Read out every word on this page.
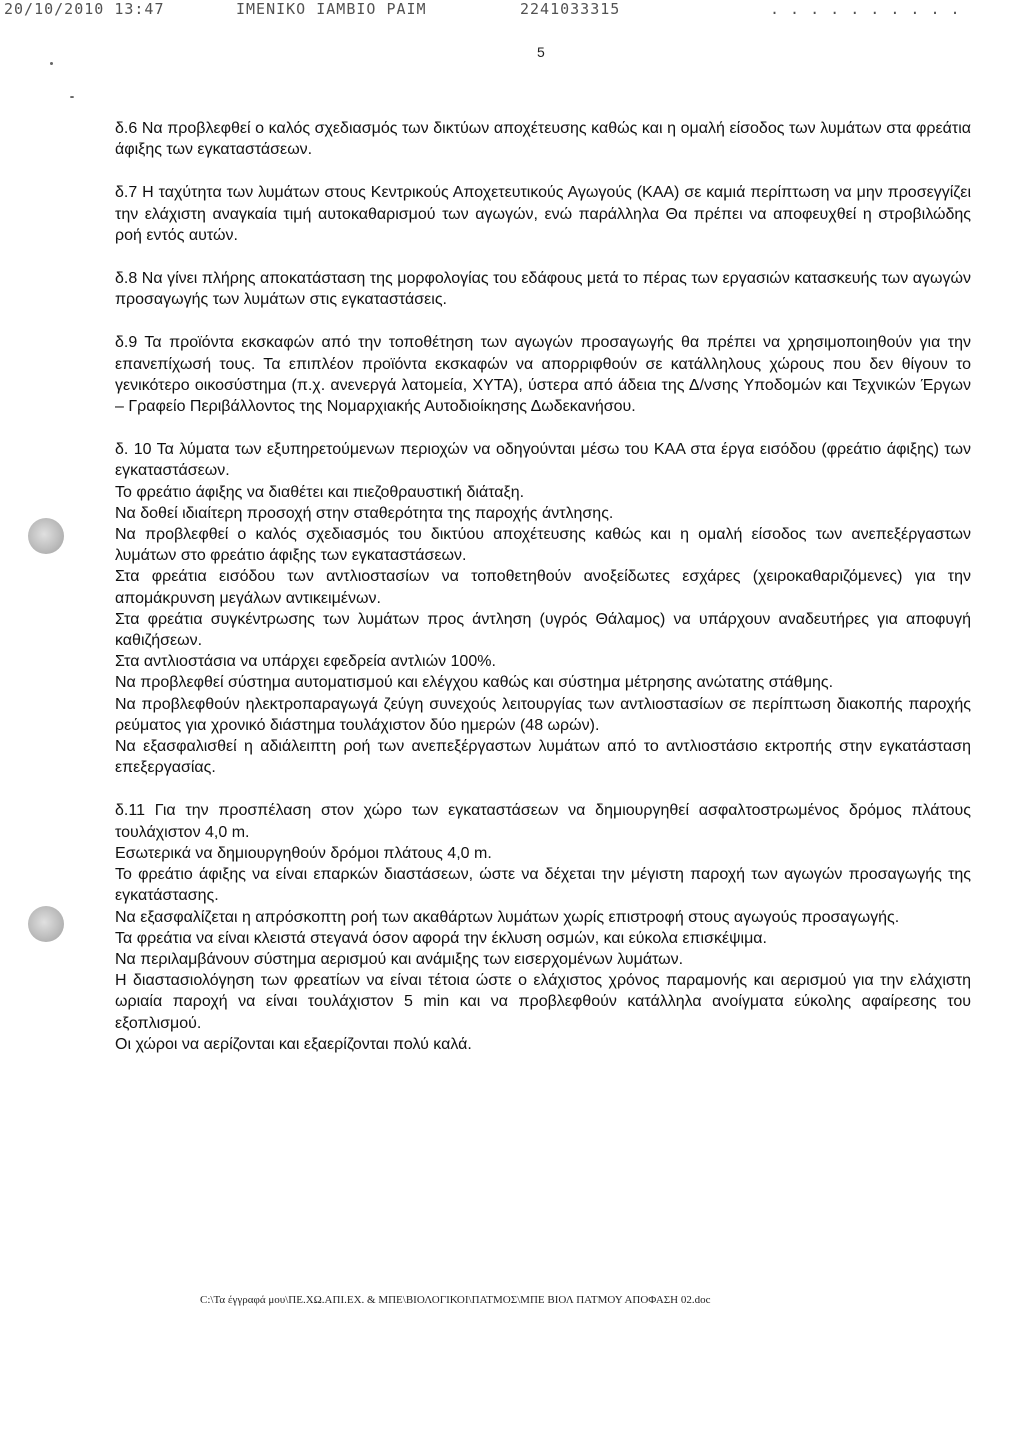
20/10/2010 13:47	IMENIKO IAMBIO PAIM	2241033315	. . . . . . . . . .
5

δ.6 Να προβλεφθεί ο καλός σχεδιασμός των δικτύων αποχέτευσης καθώς και η ομαλή είσοδος των λυμάτων στα φρεάτια άφιξης των εγκαταστάσεων.

δ.7 Η ταχύτητα των λυμάτων στους Κεντρικούς Αποχετευτικούς Αγωγούς (ΚΑΑ) σε καμιά περίπτωση να μην προσεγγίζει την ελάχιστη αναγκαία τιμή αυτοκαθαρισμού των αγωγών, ενώ παράλληλα Θα πρέπει να αποφευχθεί η στροβιλώδης ροή εντός αυτών.

δ.8 Να γίνει πλήρης αποκατάσταση της μορφολογίας του εδάφους μετά το πέρας των εργασιών κατασκευής των αγωγών προσαγωγής των λυμάτων στις εγκαταστάσεις.

δ.9 Τα προϊόντα εκσκαφών από την τοποθέτηση των αγωγών προσαγωγής θα πρέπει να χρησιμοποιηθούν για την επανεπίχωσή τους. Τα επιπλέον προϊόντα εκσκαφών να απορριφθούν σε κατάλληλους χώρους που δεν θίγουν το γενικότερο οικοσύστημα (π.χ. ανενεργά λατομεία, ΧΥΤΑ), ύστερα από άδεια της Δ/νσης Υποδομών και Τεχνικών Έργων – Γραφείο Περιβάλλοντος της Νομαρχιακής Αυτοδιοίκησης Δωδεκανήσου.

δ. 10 Τα λύματα των εξυπηρετούμενων περιοχών να οδηγούνται μέσω του ΚΑΑ στα έργα εισόδου (φρεάτιο άφιξης) των εγκαταστάσεων.
Το φρεάτιο άφιξης να διαθέτει και πιεζοθραυστική διάταξη.
Να δοθεί ιδιαίτερη προσοχή στην σταθερότητα της παροχής άντλησης.
Να προβλεφθεί ο καλός σχεδιασμός του δικτύου αποχέτευσης καθώς και η ομαλή είσοδος των ανεπεξέργαστων λυμάτων στο φρεάτιο άφιξης των εγκαταστάσεων.
Στα φρεάτια εισόδου των αντλιοστασίων να τοποθετηθούν ανοξείδωτες εσχάρες (χειροκαθαριζόμενες) για την απομάκρυνση μεγάλων αντικειμένων.
Στα φρεάτια συγκέντρωσης των λυμάτων προς άντληση (υγρός Θάλαμος) να υπάρχουν αναδευτήρες για αποφυγή καθιζήσεων.
Στα αντλιοστάσια να υπάρχει εφεδρεία αντλιών 100%.
Να προβλεφθεί σύστημα αυτοματισμού και ελέγχου καθώς και σύστημα μέτρησης ανώτατης στάθμης.
Να προβλεφθούν ηλεκτροπαραγωγά ζεύγη συνεχούς λειτουργίας των αντλιοστασίων σε περίπτωση διακοπής παροχής ρεύματος για χρονικό διάστημα τουλάχιστον δύο ημερών (48 ωρών).
Να εξασφαλισθεί η αδιάλειπτη ροή των ανεπεξέργαστων λυμάτων από το αντλιοστάσιο εκτροπής στην εγκατάσταση επεξεργασίας.
δ.11 Για την προσπέλαση στον χώρο των εγκαταστάσεων να δημιουργηθεί ασφαλτοστρωμένος δρόμος πλάτους τουλάχιστον 4,0 m.
Εσωτερικά να δημιουργηθούν δρόμοι πλάτους 4,0 m.
Το φρεάτιο άφιξης να είναι επαρκών διαστάσεων, ώστε να δέχεται την μέγιστη παροχή των αγωγών προσαγωγής της εγκατάστασης.
Να εξασφαλίζεται η απρόσκοπτη ροή των ακαθάρτων λυμάτων χωρίς επιστροφή στους αγωγούς προσαγωγής.
Τα φρεάτια να είναι κλειστά στεγανά όσον αφορά την έκλυση οσμών, και εύκολα επισκέψιμα.
Να περιλαμβάνουν σύστημα αερισμού και ανάμιξης των εισερχομένων λυμάτων.
Η διαστασιολόγηση των φρεατίων να είναι τέτοια ώστε ο ελάχιστος χρόνος παραμονής και αερισμού για την ελάχιστη ωριαία παροχή να είναι τουλάχιστον 5 min και να προβλεφθούν κατάλληλα ανοίγματα εύκολης αφαίρεσης του εξοπλισμού.
Οι χώροι να αερίζονται και εξαερίζονται πολύ καλά.
C:\Τα έγγραφά μου\ΠΕ.ΧΩ.ΑΠΙ.ΕΧ. & ΜΠΕ\ΒΙΟΛΟΓΙΚΟΙ\ΠΑΤΜΟΣ\ΜΠΕ ΒΙΟΛ ΠΑΤΜΟΥ ΑΠΟΦΑΣΗ 02.doc
